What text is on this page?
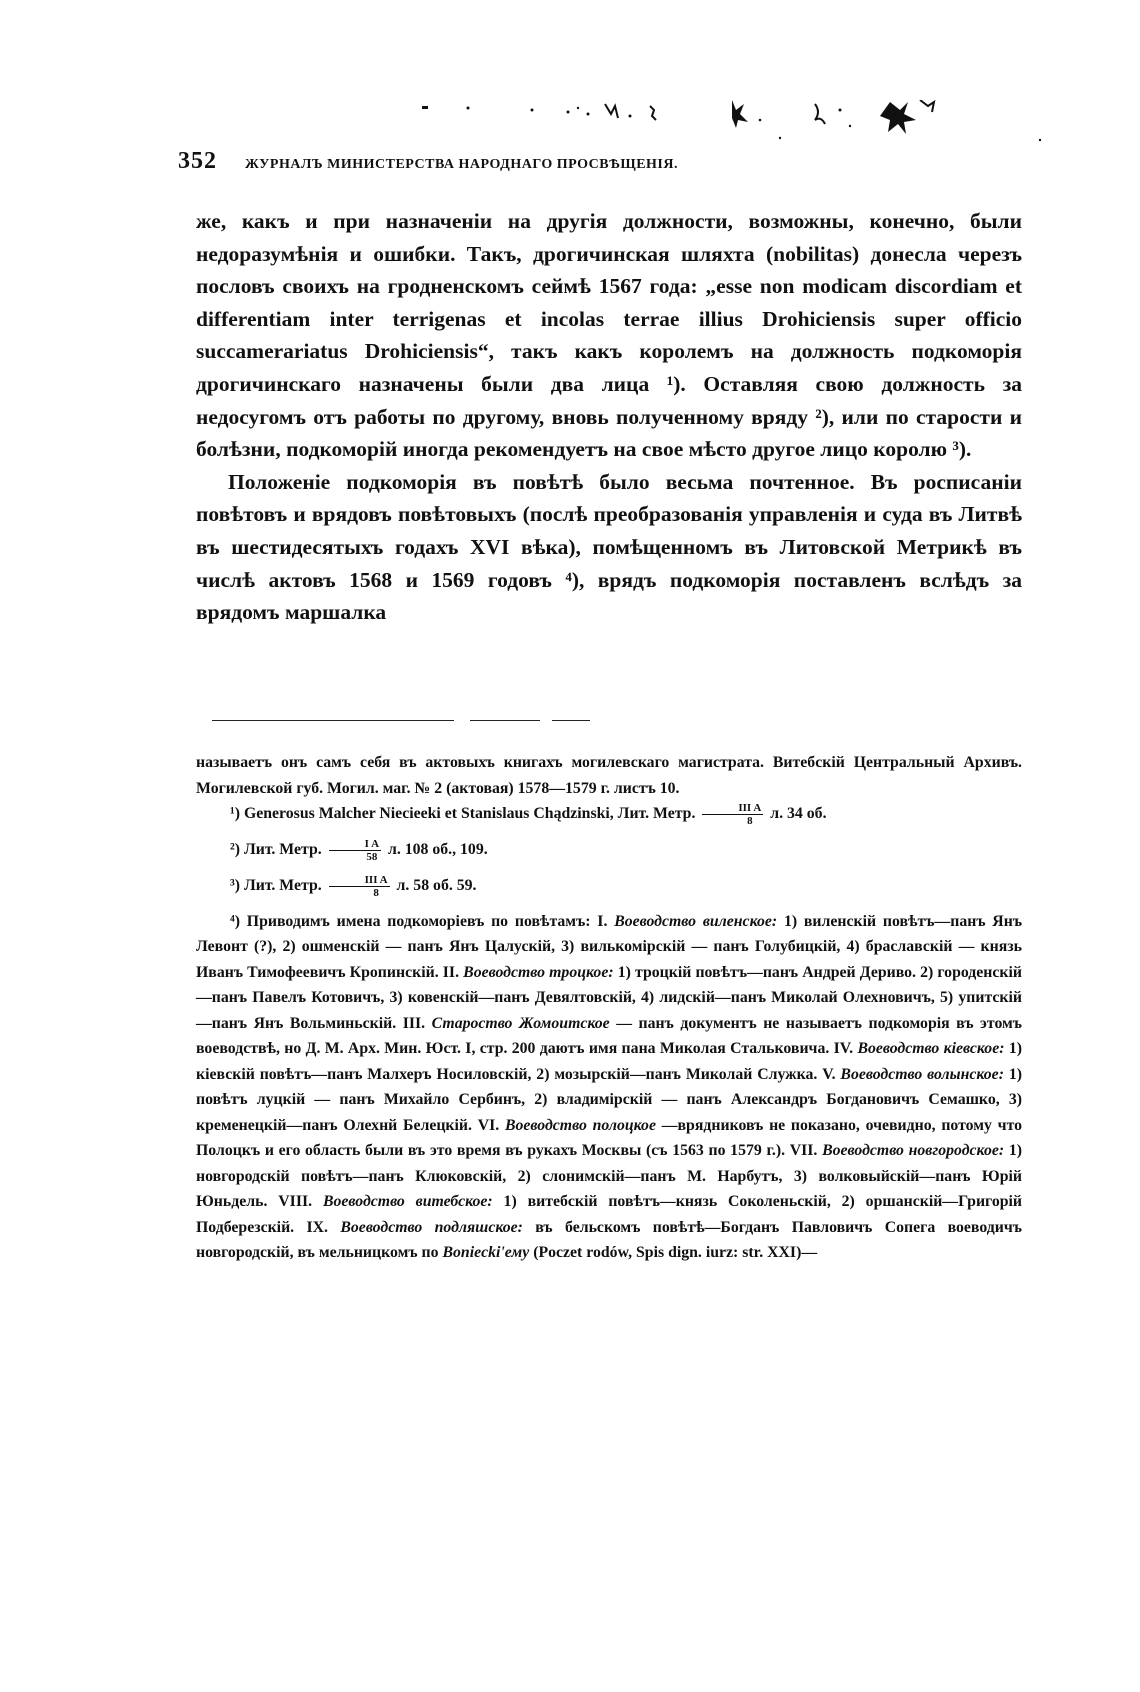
352 ЖУРНАЛЪ МИНИСТЕРСТВА НАРОДНАГО ПРОСВѢЩЕНІЯ.

же, какъ и при назначеніи на другія должности, возможны, конечно, были недоразумѣнія и ошибки. Такъ, дрогичинская шляхта (nobilitas) донесла черезъ пословъ своихъ на гродненскомъ сеймѣ 1567 года: „esse non modicam discordiam et differentiam inter terrigenas et incolas terrae illius Drohiciensis super officio succamerariatus Drohiciensis“, такъ какъ королемъ на должность подкоморія дрогичинскаго назначены были два лица ¹). Оставляя свою должность за недосугомъ отъ работы по другому, вновь полученному вряду ²), или по старости и болѣзни, подкоморій иногда рекомендуетъ на свое мѣсто другое лицо королю ³).

Положеніе подкоморія въ повѣтѣ было весьма почтенное. Въ росписаніи повѣтовъ и врядовъ повѣтовыхъ (послѣ преобразованія управленія и суда въ Литвѣ въ шестидесятыхъ годахъ XVI вѣка), помѣщенномъ въ Литовской Метрикѣ въ числѣ актовъ 1568 и 1569 годовъ ⁴), врядъ подкоморія поставленъ вслѣдъ за врядомъ маршалка

называетъ онъ самъ себя въ актовыхъ книгахъ могилевскаго магистрата. Витебскій Центральный Архивъ. Могилевской губ. Могил. маг. № 2 (актовая) 1578—1579 г. листъ 10.

¹) Generosus Malcher Niecieeki et Stanislaus Chądzinski, Лит. Метр. $\frac{\text{III A}}{8} л$. 34 об.

²) Лит. Метр. $\frac{\text{I A}}{58} л$. 108 об., 109.

³) Лит. Метр. $\frac{\text{III A}}{8} л$. 58 об. 59.

⁴) Приводимъ имена подкоморіевъ по повѣтамъ: I. Воеводство виленское: 1) виленскій повѣтъ—панъ Янъ Левонт (?), 2) ошменскій — панъ Янъ Цалускій, 3) вилькомірскій — панъ Голубицкій, 4) браславскій — князь Иванъ Тимофеевичъ Кропинскій. II. Воеводство троцкое: 1) троцкій повѣтъ—панъ Андрей Дериво. 2) городенскій—панъ Павелъ Котовичъ, 3) ковенскій—панъ Девялтовскій, 4) лидскій—панъ Миколай Олехновичъ, 5) упитскій—панъ Янъ Вольминьскій. III. Староство Жомоитское — панъ документъ не называетъ подкоморія въ этомъ воеводствѣ, но Д. М. Арх. Мин. Юст. I, стр. 200 даютъ имя пана Миколая Стальковича. IV. Воеводство кіевское: 1) кіевскій повѣтъ—панъ Малхеръ Носиловскій, 2) мозырскій—панъ Миколай Служка. V. Воеводство волынское: 1) повѣтъ луцкій — панъ Михайло Сербинъ, 2) владимірскій — панъ Александръ Богдановичъ Семашко, 3) кременецкій—панъ Олехнй Белецкій. VI. Воеводство полоцкое —врядниковъ не показано, очевидно, потому что Полоцкъ и его область были въ это время въ рукахъ Москвы (съ 1563 по 1579 г.). VII. Воеводство новгородское: 1) новгородскій повѣтъ—панъ Клюковскій, 2) слонимскій—панъ М. Нарбутъ, 3) волковыйскій—панъ Юрій Юньдель. VIII. Воеводство витебское: 1) витебскій повѣтъ—князь Соколеньскій, 2) оршанскій—Григорій Подберезскій. IX. Воеводство подляшское: въ бельскомъ повѣтѣ—Богданъ Павловичъ Сопега воеводичъ новгородскій, въ мельницкомъ по Boniecki'ему (Poczet rodów, Spis dign. iurz: str. XXI)—
